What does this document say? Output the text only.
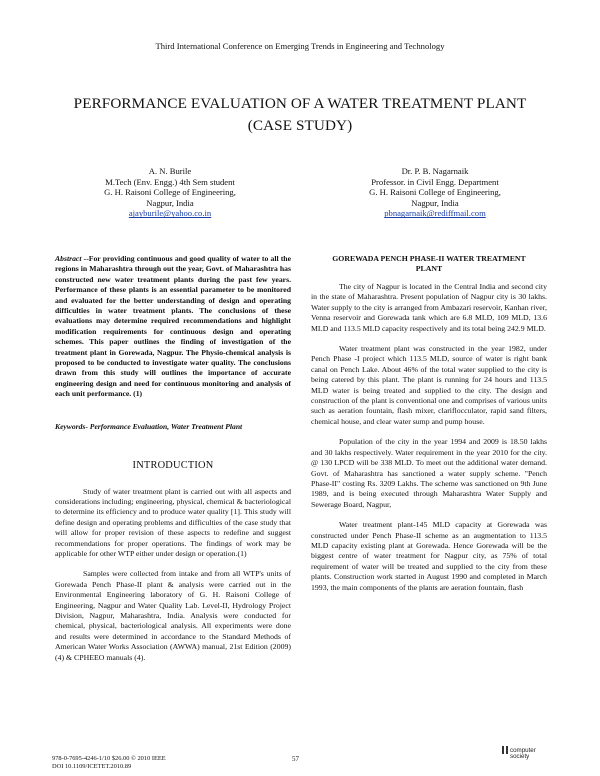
Third International Conference on Emerging Trends in Engineering and Technology
PERFORMANCE EVALUATION OF A WATER TREATMENT PLANT
(CASE STUDY)
A. N. Burile
M.Tech (Env. Engg.) 4th Sem student
G. H. Raisoni College of Engineering,
Nagpur, India
ajayburile@yahoo.co.in
Dr. P. B. Nagarnaik
Professor. in Civil Engg. Department
G. H. Raisoni College of Engineering,
Nagpur, India
pbnagarnaik@rediffmail.com
Abstract --For providing continuous and good quality of water to all the regions in Maharashtra through out the year, Govt. of Maharashtra has constructed new water treatment plants during the past few years. Performance of these plants is an essential parameter to be monitored and evaluated for the better understanding of design and operating difficulties in water treatment plants. The conclusions of these evaluations may determine required recommendations and highlight modification requirements for continuous design and operating schemes. This paper outlines the finding of investigation of the treatment plant in Gorewada, Nagpur. The Physio-chemical analysis is proposed to be conducted to investigate water quality. The conclusions drawn from this study will outlines the importance of accurate engineering design and need for continuous monitoring and analysis of each unit performance. (1)
Keywords- Performance Evaluation, Water Treatment Plant
INTRODUCTION

Study of water treatment plant is carried out with all aspects and considerations including; engineering, physical, chemical & bacteriological to determine its efficiency and to produce water quality [1]. This study will define design and operating problems and difficulties of the case study that will allow for proper revision of these aspects to redefine and suggest recommendations for proper operations. The findings of work may be applicable for other WTP either under design or operation.(1)

Samples were collected from intake and from all WTP's units of Gorewada Pench Phase-II plant & analysis were carried out in the Environmental Engineering laboratory of G. H. Raisoni College of Engineering, Nagpur and Water Quality Lab. Level-II, Hydrology Project Division, Nagpur, Maharashtra, India. Analysis were conducted for chemical, physical, bacteriological analysis. All experiments were done and results were determined in accordance to the Standard Methods of American Water Works Association (AWWA) manual, 21st Edition (2009) (4) & CPHEEO manuals (4).

GOREWADA PENCH PHASE-II WATER TREATMENT PLANT

The city of Nagpur is located in the Central India and second city in the state of Maharashtra. Present population of Nagpur city is 30 lakhs. Water supply to the city is arranged from Ambazari reservoir, Kanhan river, Venna reservoir and Gorewada tank which are 6.8 MLD, 109 MLD, 13.6 MLD and 113.5 MLD capacity respectively and its total being 242.9 MLD.

Water treatment plant was constructed in the year 1982, under Pench Phase -I project which 113.5 MLD, source of water is right bank canal on Pench Lake. About 46% of the total water supplied to the city is being catered by this plant. The plant is running for 24 hours and 113.5 MLD water is being treated and supplied to the city. The design and construction of the plant is conventional one and comprises of various units such as aeration fountain, flash mixer, clariflocculator, rapid sand filters, chemical house, and clear water sump and pump house.

Population of the city in the year 1994 and 2009 is 18.50 lakhs and 30 lakhs respectively. Water requirement in the year 2010 for the city. @ 130 LPCD will be 338 MLD. To meet out the additional water demand. Govt. of Maharashtra has sanctioned a water supply scheme. "Pench Phase-II" costing Rs. 3209 Lakhs. The scheme was sanctioned on 9th June 1989, and is being executed through Maharashtra Water Supply and Sewerage Board, Nagpur,

Water treatment plant-145 MLD capacity at Gorewada was constructed under Pench Phase-II scheme as an augmentation to 113.5 MLD capacity existing plant at Gorewada. Hence Gorewada will be the biggest centre of water treatment for Nagpur city, as 75% of total requirement of water will be treated and supplied to the city from these plants. Construction work started in August 1990 and completed in March 1993, the main components of the plants are aeration fountain, flash

978-0-7695-4246-1/10 $26.00 © 2010 IEEE
DOI 10.1109/ICETET.2010.89
57
computer
society
